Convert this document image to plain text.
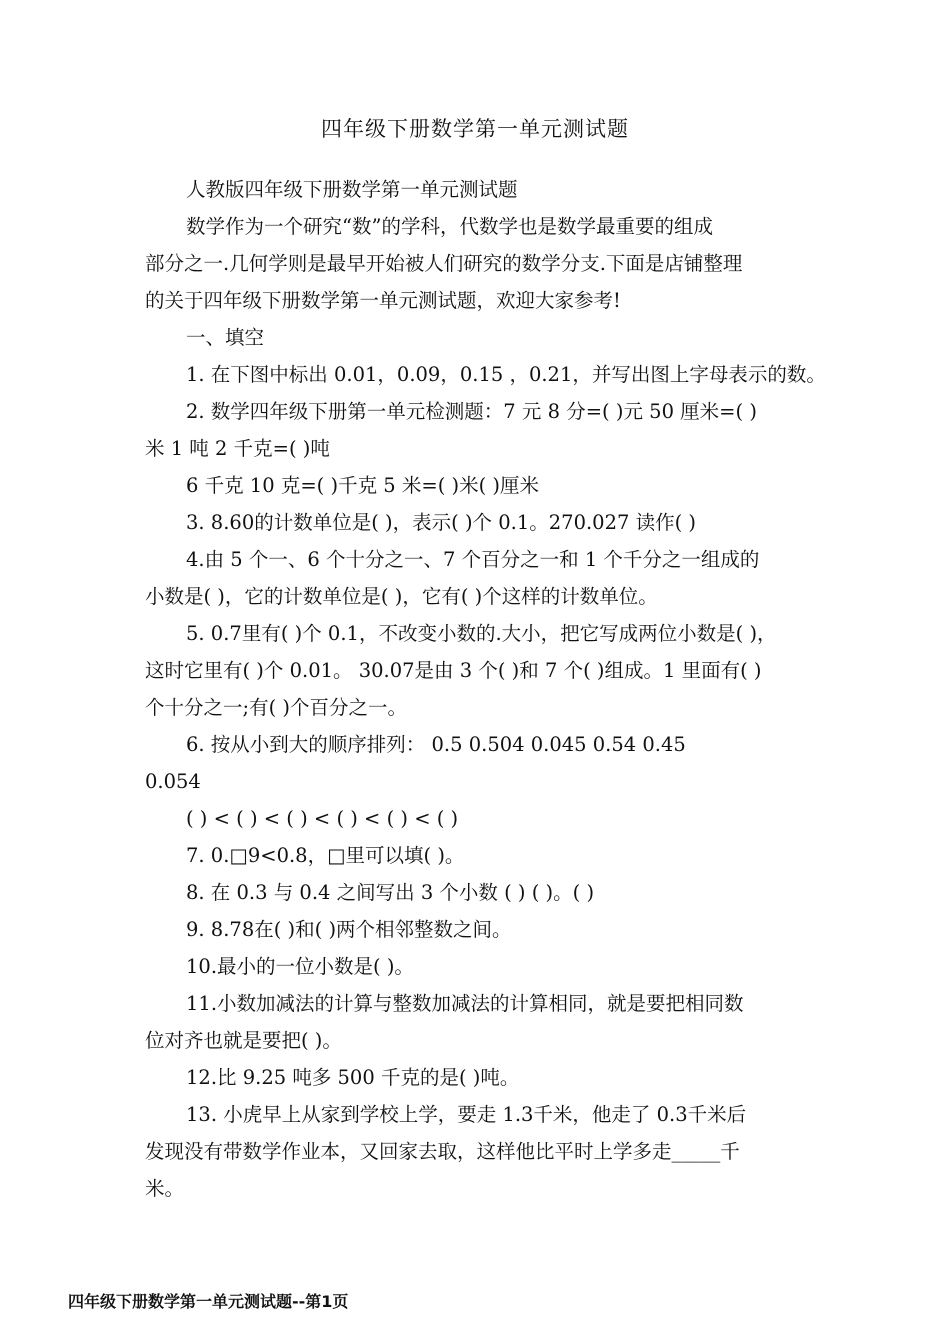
四年级下册数学第一单元测试题
人教版四年级下册数学第一单元测试题
数学作为一个研究“数”的学科，代数学也是数学最重要的组成
部分之一.几何学则是最早开始被人们研究的数学分支.下面是店铺整理
的关于四年级下册数学第一单元测试题，欢迎大家参考!
一、填空
1. 在下图中标出 0.01，0.09，0.15 ，0.21，并写出图上字母表示的数。
2. 数学四年级下册第一单元检测题：7 元 8 分=( )元 50 厘米=( )
米 1 吨 2 千克=( )吨
6 千克 10 克=( )千克 5 米=( )米( )厘米
3. 8.60的计数单位是( )，表示( )个 0.1。270.027 读作( )
4.由 5 个一、6 个十分之一、7 个百分之一和 1 个千分之一组成的
小数是( )，它的计数单位是( )，它有( )个这样的计数单位。
5. 0.7里有( )个 0.1，不改变小数的.大小，把它写成两位小数是( )，
这时它里有( )个 0.01。 30.07是由 3 个( )和 7 个( )组成。1 里面有( )
个十分之一;有( )个百分之一。
6. 按从小到大的顺序排列： 0.5 0.504 0.045 0.54 0.45
0.054
( ) < ( ) < ( ) < ( ) < ( ) < ( )
7. 0.□9<0.8，□里可以填( )。
8. 在 0.3 与 0.4 之间写出 3 个小数 ( ) ( )。( )
9. 8.78在( )和( )两个相邻整数之间。
10.最小的一位小数是( )。
11.小数加减法的计算与整数加减法的计算相同，就是要把相同数
位对齐也就是要把( )。
12.比 9.25 吨多 500 千克的是( )吨。
13. 小虎早上从家到学校上学，要走 1.3千米，他走了 0.3千米后
发现没有带数学作业本，又回家去取，这样他比平时上学多走_____千
米。
四年级下册数学第一单元测试题--第1页
